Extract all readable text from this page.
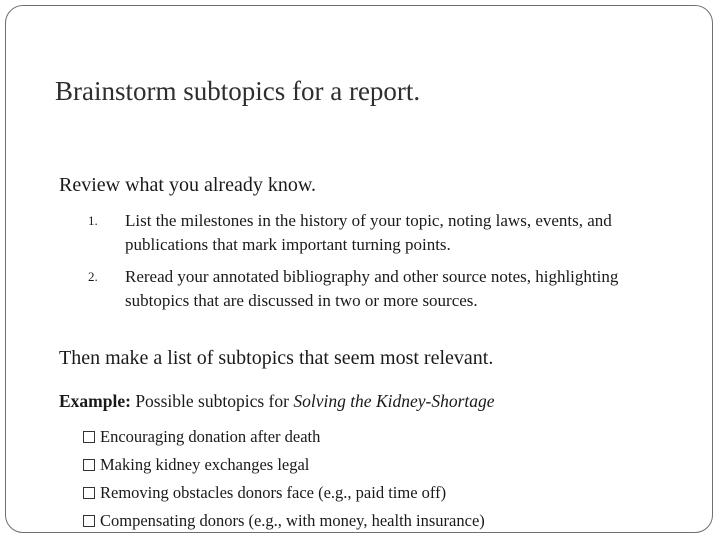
Brainstorm subtopics for a report.
Review what you already know.
1. List the milestones in the history of your topic, noting laws, events, and publications that mark important turning points.
2. Reread your annotated bibliography and other source notes, highlighting subtopics that are discussed in two or more sources.
Then make a list of subtopics that seem most relevant.
Example: Possible subtopics for Solving the Kidney-Shortage
Encouraging donation after death
Making kidney exchanges legal
Removing obstacles donors face (e.g., paid time off)
Compensating donors (e.g., with money, health insurance)
